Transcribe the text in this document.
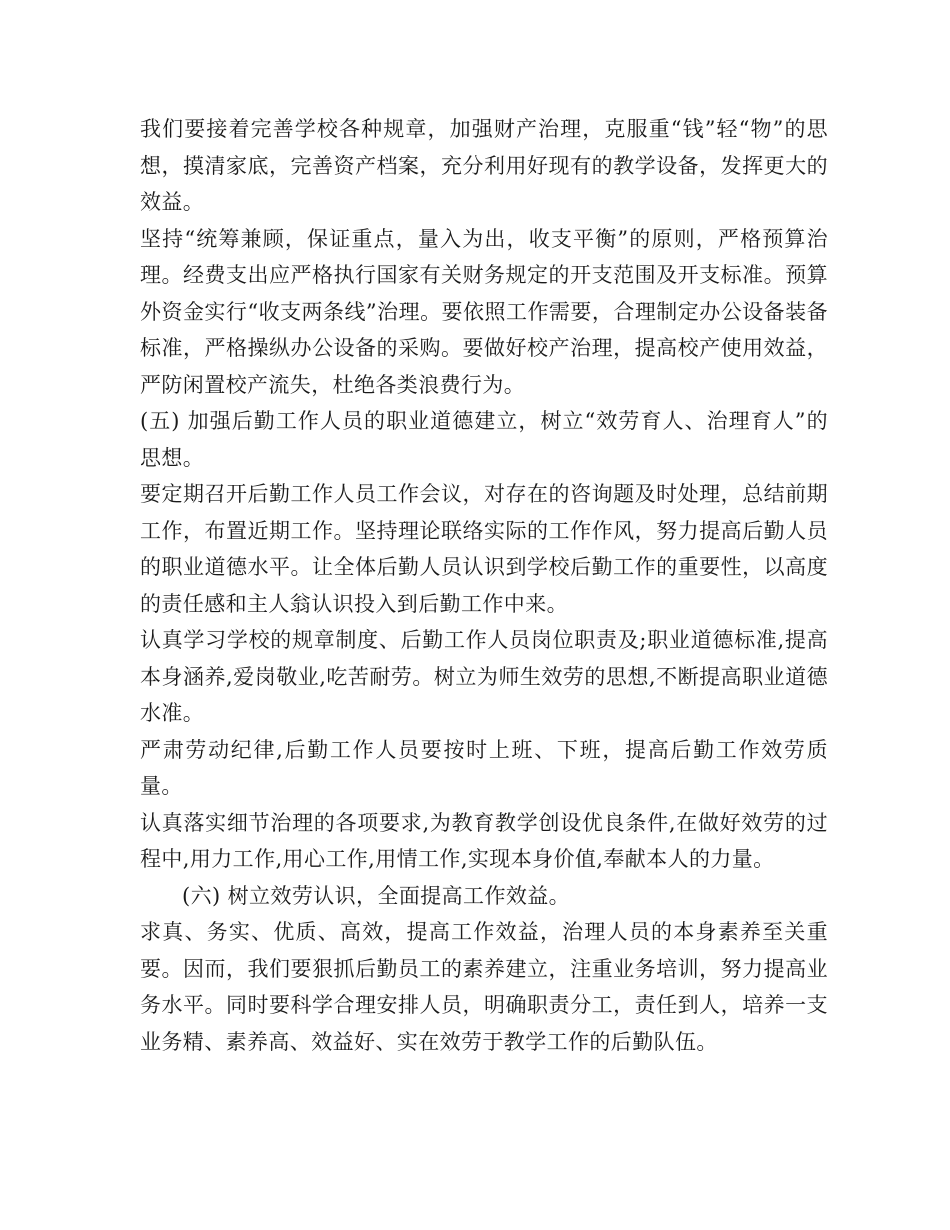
我们要接着完善学校各种规章，加强财产治理，克服重“钱”轻“物”的思想，摸清家底，完善资产档案，充分利用好现有的教学设备，发挥更大的效益。

坚持“统筹兼顾，保证重点，量入为出，收支平衡”的原则，严格预算治理。经费支出应严格执行国家有关财务规定的开支范围及开支标准。预算外资金实行“收支两条线”治理。要依照工作需要，合理制定办公设备装备标准，严格操纵办公设备的采购。要做好校产治理，提高校产使用效益，严防闲置校产流失，杜绝各类浪费行为。

(五) 加强后勤工作人员的职业道德建立，树立“效劳育人、治理育人”的思想。

要定期召开后勤工作人员工作会议，对存在的咨询题及时处理，总结前期工作，布置近期工作。坚持理论联络实际的工作作风，努力提高后勤人员的职业道德水平。让全体后勤人员认识到学校后勤工作的重要性，以高度的责任感和主人翁认识投入到后勤工作中来。

认真学习学校的规章制度、后勤工作人员岗位职责及;职业道德标准,提高本身涵养,爱岗敬业,吃苦耐劳。树立为师生效劳的思想,不断提高职业道德水准。

严肃劳动纪律,后勤工作人员要按时上班、下班，提高后勤工作效劳质量。

认真落实细节治理的各项要求,为教育教学创设优良条件,在做好效劳的过程中,用力工作,用心工作,用情工作,实现本身价值,奉献本人的力量。

(六) 树立效劳认识，全面提高工作效益。

求真、务实、优质、高效，提高工作效益，治理人员的本身素养至关重要。因而，我们要狠抓后勤员工的素养建立，注重业务培训，努力提高业务水平。同时要科学合理安排人员，明确职责分工，责任到人，培养一支业务精、素养高、效益好、实在效劳于教学工作的后勤队伍。
